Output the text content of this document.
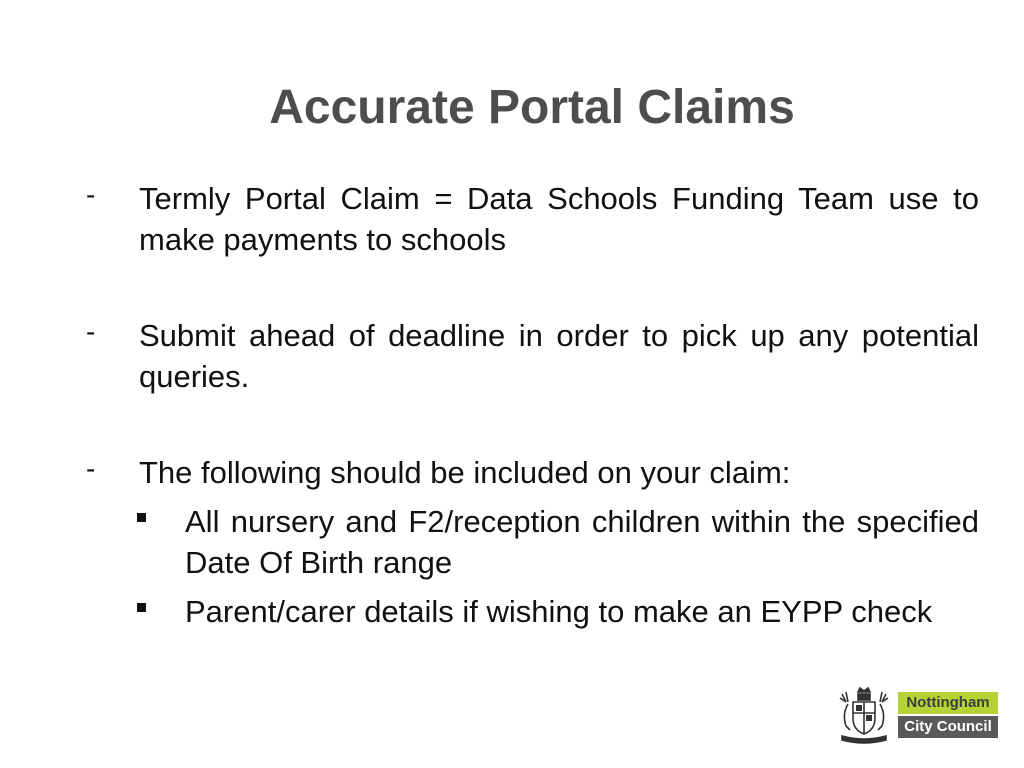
Accurate Portal Claims
- Termly Portal Claim = Data Schools Funding Team use to make payments to schools
- Submit ahead of deadline in order to pick up any potential queries.
- The following should be included on your claim:
All nursery and F2/reception children within the specified Date Of Birth range
Parent/carer details if wishing to make an EYPP check
Nottingham
City Council
